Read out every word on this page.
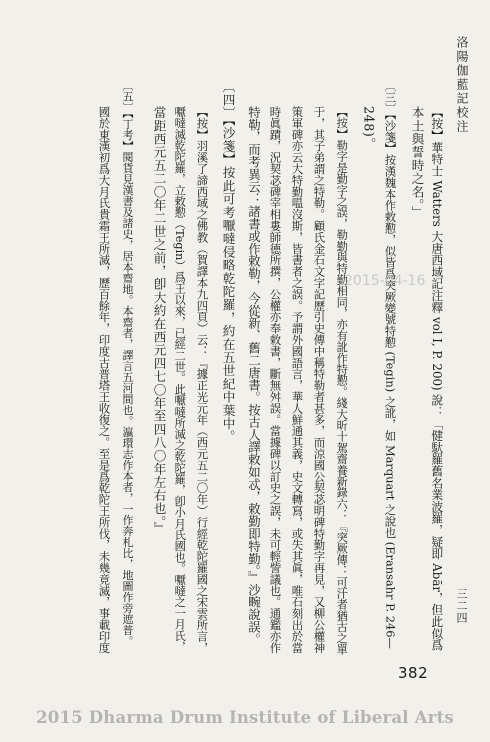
洛陽伽藍記校注
三二四
【按】華特士 Watters 大唐西域記注釋 vol I, P. 200) 說：「健馱羅舊名業波羅，疑即 Abār，但此似爲
本土與誓時之名。」
〔三〕【沙箋】按漢魏本作敕懃，似皆爲突厥變號特懃 (Tegin) 之訛，如 Marquart 之說也 (Eransahr P. 246—
248)。
【按】勒字是勤字之誤，勒勤與特勤相同，亦有訛作特懃。綫大昕十駕齋養新錄六：『突厥傳：可汗者猶古之單
于，其子弟謂之特勒。顧氏金石文字記歷引史傳中稱特勒者甚多，而涼國公契苾明碑特勤字再見，又柳公權神
策軍碑亦云大特勤嗢沒斯，皆書者之誤。予謂外國語言，華人鮮通其義，史文轉寫，或失其眞，唯石刻出於當
時眞蹟，況契苾碑宰相婁師德所撰，公權亦奉敕書，斷無舛誤。當據碑以訂史之誤，未可輕訾議也。通鑑亦作
特勒，而考異云：諸書或作敕勒，今從新、舊二唐書。按古人譯敕如忒，敕勤即特勤。』沙畹說誤。
〔四〕【沙箋】按此可考嚈噠侵略乾陀羅，約在五世紀中葉中。
【按】羽溪了諦西域之佛教（賀譯本九四頁）云：『據正光元年（西元五二〇年）行經乾陀羅國之宋雲所言，
嚈噠滅乾陀羅，立敕懃（Tegin）爲王以來，已經二世。此嚈噠所滅之乾陀羅，卽小月氏國也。嚈噠之一月氏，
當距西元五二〇年二世之前，卽大約在西元四七〇年至四八〇年左右也。』
〔五〕【丁考】閱貨見漢書及諸史，居本齋地。本齋者，譯言五河間也。瀛環志作本者，一作奔札比，地圖作旁遮普。
國於東漢初爲大月氏貴霜王所滅，歷百餘年，印度古普塔王收復之。至是爲乾陀王所伐，未幾竟滅，事載印度	2015-04-16
382
2015 Dharma Drum Institute of Liberal Arts
